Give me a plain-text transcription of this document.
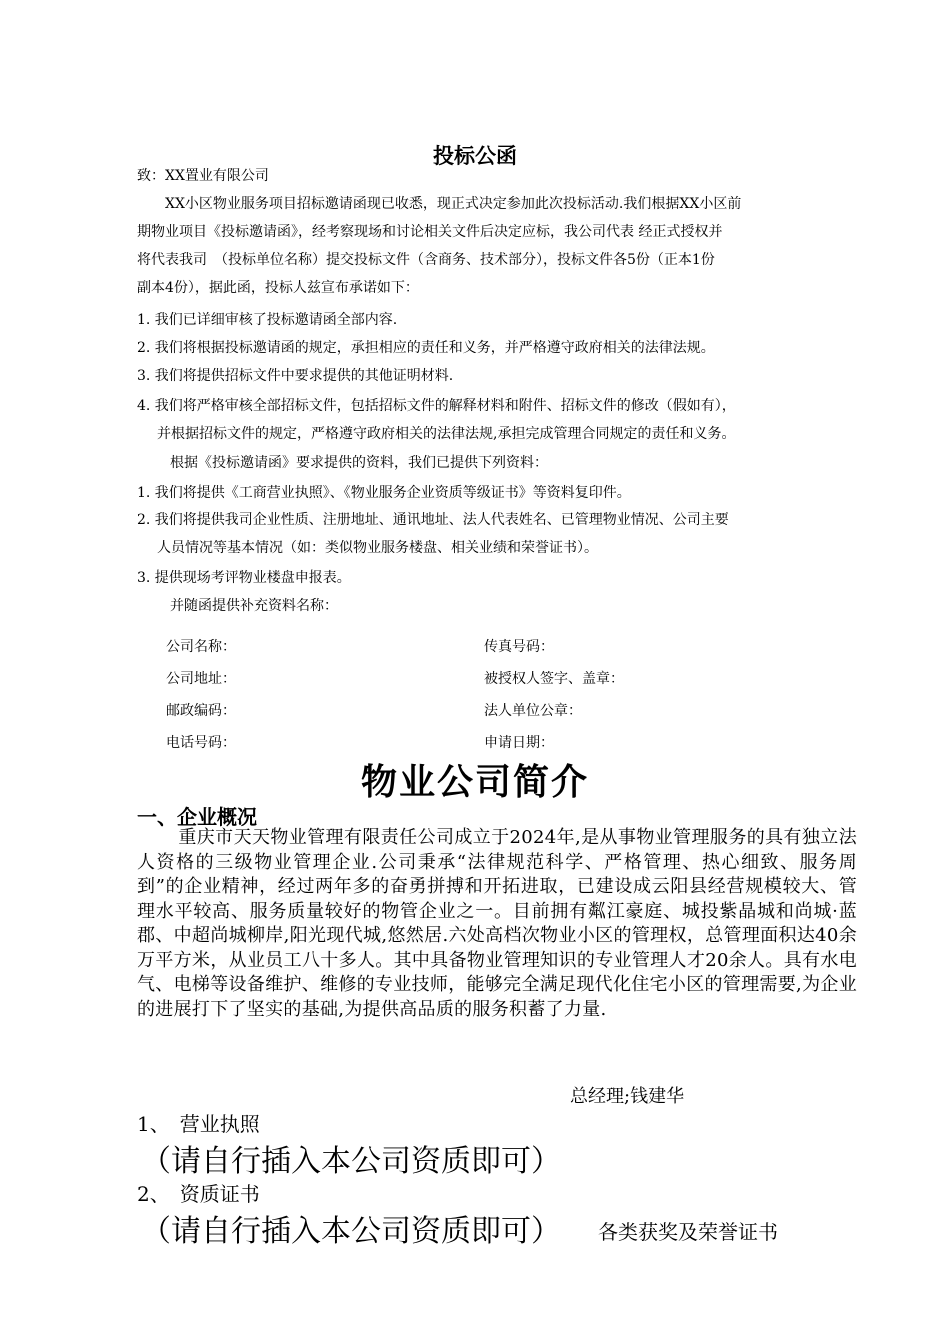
投标公函
致：XX置业有限公司
XX小区物业服务项目招标邀请函现已收悉，现正式决定参加此次投标活动.我们根据XX小区前
期物业项目《投标邀请函》，经考察现场和讨论相关文件后决定应标，我公司代表 经正式授权并
将代表我司　（投标单位名称）提交投标文件（含商务、技术部分），投标文件各5份（正本1份
副本4份），据此函，投标人兹宣布承诺如下：
1. 我们已详细审核了投标邀请函全部内容.
2. 我们将根据投标邀请函的规定，承担相应的责任和义务，并严格遵守政府相关的法律法规。
3. 我们将提供招标文件中要求提供的其他证明材料.
4. 我们将严格审核全部招标文件，包括招标文件的解释材料和附件、招标文件的修改（假如有），
并根据招标文件的规定，严格遵守政府相关的法律法规,承担完成管理合同规定的责任和义务。
根据《投标邀请函》要求提供的资料，我们已提供下列资料：
1. 我们将提供《工商营业执照》、《物业服务企业资质等级证书》等资料复印件。
2. 我们将提供我司企业性质、注册地址、通讯地址、法人代表姓名、已管理物业情况、公司主要
人员情况等基本情况（如：类似物业服务楼盘、相关业绩和荣誉证书）。
3. 提供现场考评物业楼盘申报表。
并随函提供补充资料名称：
公司名称：
公司地址：
邮政编码：
电话号码：
传真号码：
被授权人签字、盖章：
法人单位公章：
申请日期：
物业公司简介
一、企业概况
重庆市天天物业管理有限责任公司成立于2024年,是从事物业管理服务的具有独立法人资格的三级物业管理企业.公司秉承“法律规范科学、严格管理、热心细致、服务周到”的企业精神，经过两年多的奋勇拼搏和开拓进取，已建设成云阳县经营规模较大、管理水平较高、服务质量较好的物管企业之一。目前拥有粼江豪庭、城投紫晶城和尚城·蓝郡、中超尚城柳岸,阳光现代城,悠然居.六处高档次物业小区的管理权，总管理面积达40余万平方米，从业员工八十多人。其中具备物业管理知识的专业管理人才20余人。具有水电气、电梯等设备维护、维修的专业技师，能够完全满足现代化住宅小区的管理需要,为企业的进展打下了坚实的基础,为提供高品质的服务积蓄了力量.
总经理;钱建华
1、　营业执照
（请自行插入本公司资质即可）
2、　资质证书
（请自行插入本公司资质即可） 各类获奖及荣誉证书
